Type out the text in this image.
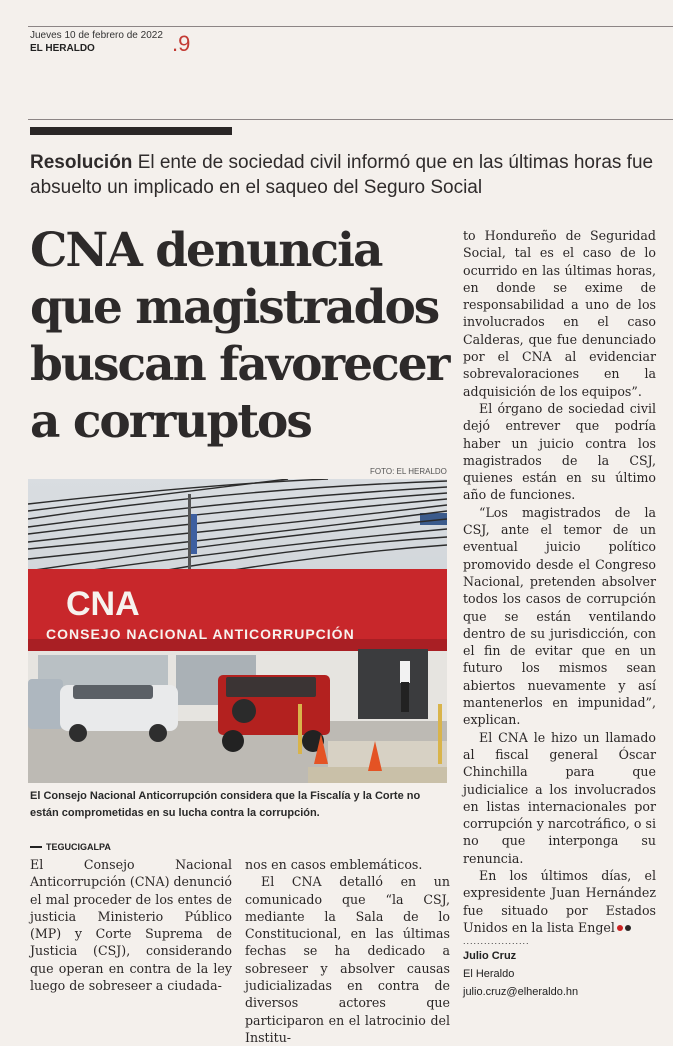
Jueves 10 de febrero de 2022
EL HERALDO	.9
Resolución El ente de sociedad civil informó que en las últimas horas fue absuelto un implicado en el saqueo del Seguro Social
CNA denuncia
que magistrados
buscan favorecer
a corruptos
FOTO: EL HERALDO
CNA
CONSEJO NACIONAL ANTICORRUPCIÓN
El Consejo Nacional Anticorrupción considera que la Fiscalía y la Corte no están comprometidas en su lucha contra la corrupción.
TEGUCIGALPA

El Consejo Nacional Anticorrupción (CNA) denunció el mal proceder de los entes de justicia Ministerio Público (MP) y Corte Suprema de Justicia (CSJ), considerando que operan en contra de la ley luego de sobreseer a ciudada-

nos en casos emblemáticos.

El CNA detalló en un comunicado que “la CSJ, mediante la Sala de lo Constitucional, en las últimas fechas se ha dedicado a sobreseer y absolver causas judicializadas en contra de diversos actores que participaron en el latrocinio del Institu-

to Hondureño de Seguridad Social, tal es el caso de lo ocurrido en las últimas horas, en donde se exime de responsabilidad a uno de los involucrados en el caso Calderas, que fue denunciado por el CNA al evidenciar sobrevaloraciones en la adquisición de los equipos”.

El órgano de sociedad civil dejó entrever que podría haber un juicio contra los magistrados de la CSJ, quienes están en su último año de funciones.

“Los magistrados de la CSJ, ante el temor de un eventual juicio político promovido desde el Congreso Nacional, pretenden absolver todos los casos de corrupción que se están ventilando dentro de su jurisdicción, con el fin de evitar que en un futuro los mismos sean abiertos nuevamente y así mantenerlos en impunidad”, explican.

El CNA le hizo un llamado al fiscal general Óscar Chinchilla para que judicialice a los involucrados en listas internacionales por corrupción y narcotráfico, o si no que interponga su renuncia.

En los últimos días, el expresidente Juan Hernández fue situado por Estados Unidos en la lista Engel

...................
Julio Cruz
El Heraldo
julio.cruz@elheraldo.hn
